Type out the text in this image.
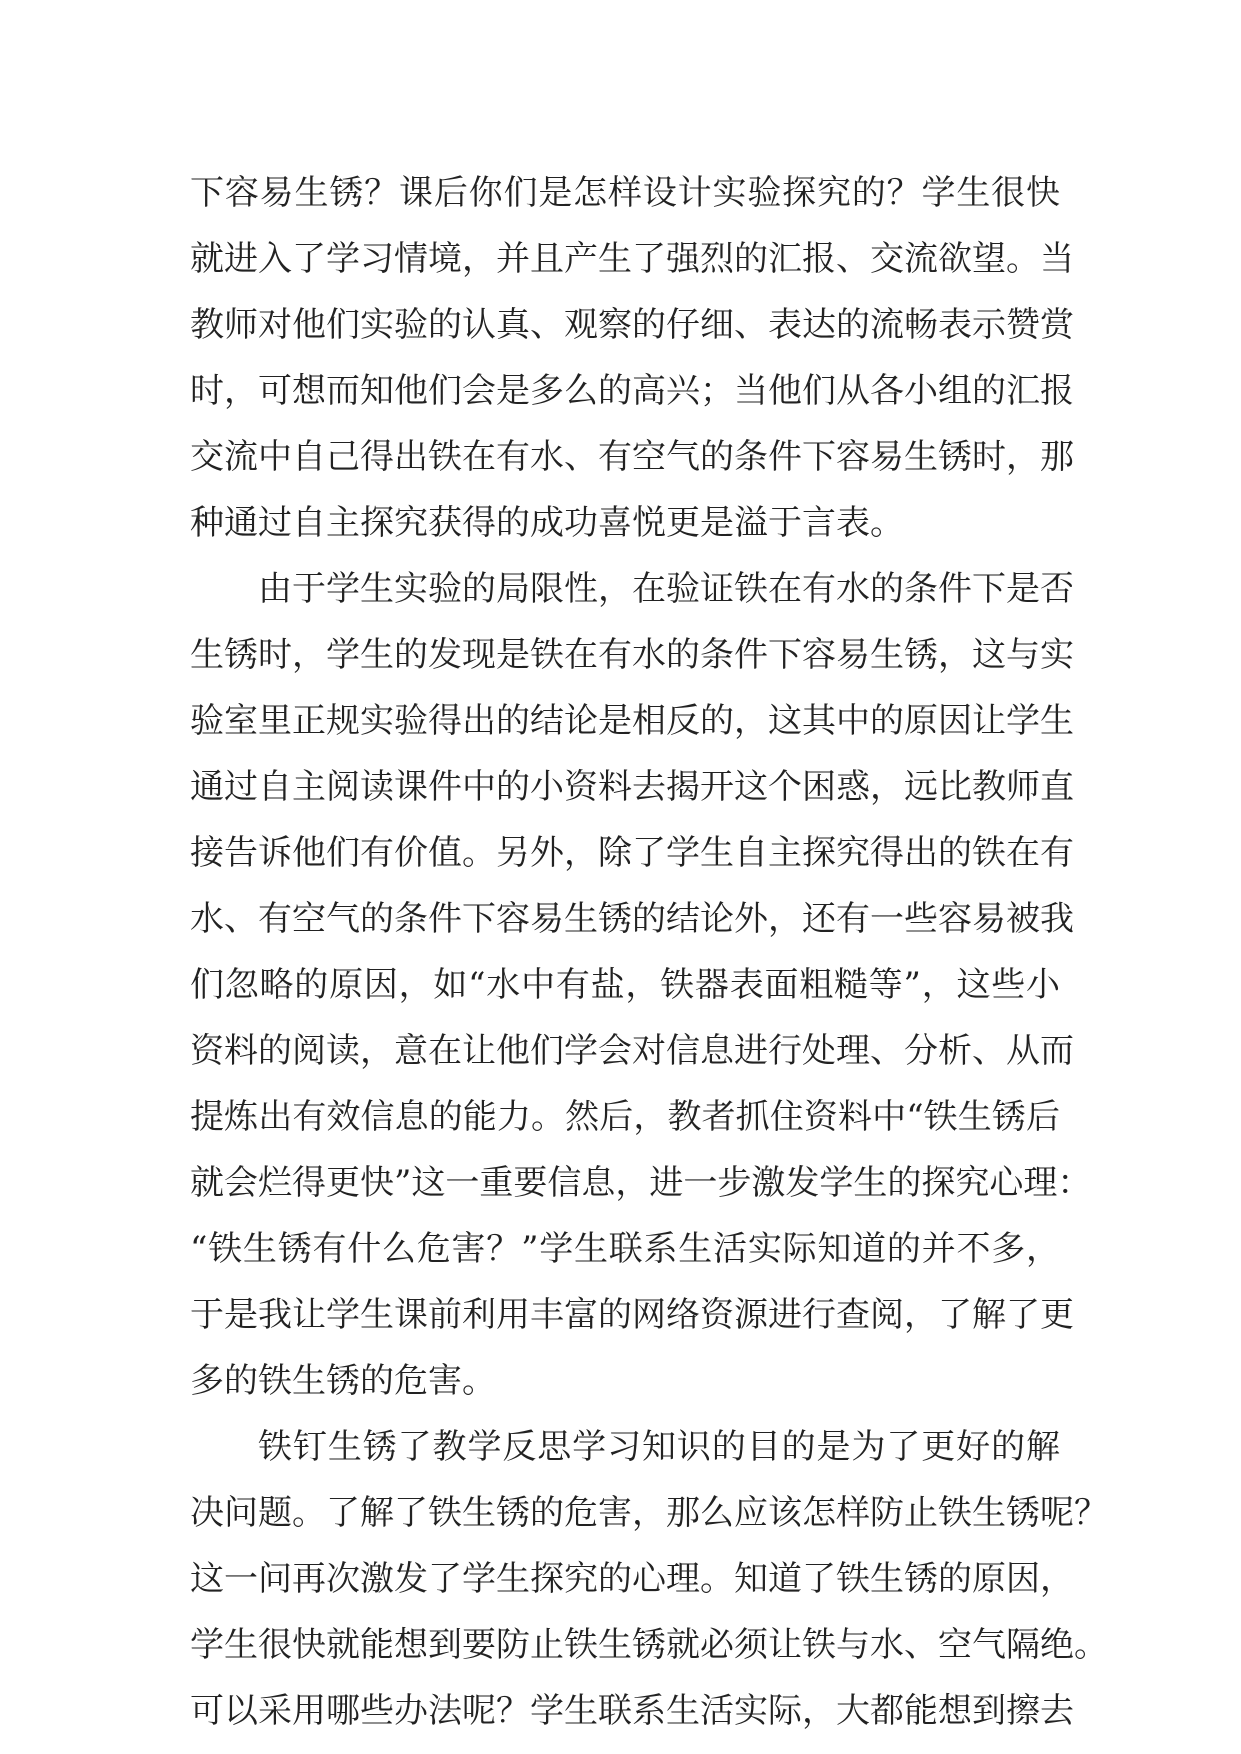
下容易生锈？课后你们是怎样设计实验探究的？学生很快
就进入了学习情境，并且产生了强烈的汇报、交流欲望。当
教师对他们实验的认真、观察的仔细、表达的流畅表示赞赏
时，可想而知他们会是多么的高兴；当他们从各小组的汇报
交流中自己得出铁在有水、有空气的条件下容易生锈时，那
种通过自主探究获得的成功喜悦更是溢于言表。
由于学生实验的局限性，在验证铁在有水的条件下是否
生锈时，学生的发现是铁在有水的条件下容易生锈，这与实
验室里正规实验得出的结论是相反的，这其中的原因让学生
通过自主阅读课件中的小资料去揭开这个困惑，远比教师直
接告诉他们有价值。另外，除了学生自主探究得出的铁在有
水、有空气的条件下容易生锈的结论外，还有一些容易被我
们忽略的原因，如“水中有盐，铁器表面粗糙等”，这些小
资料的阅读，意在让他们学会对信息进行处理、分析、从而
提炼出有效信息的能力。然后，教者抓住资料中“铁生锈后
就会烂得更快”这一重要信息，进一步激发学生的探究心理：
“铁生锈有什么危害？”学生联系生活实际知道的并不多，
于是我让学生课前利用丰富的网络资源进行查阅，了解了更
多的铁生锈的危害。
铁钉生锈了教学反思学习知识的目的是为了更好的解
决问题。了解了铁生锈的危害，那么应该怎样防止铁生锈呢？
这一问再次激发了学生探究的心理。知道了铁生锈的原因，
学生很快就能想到要防止铁生锈就必须让铁与水、空气隔绝。
可以采用哪些办法呢？学生联系生活实际，大都能想到擦去
